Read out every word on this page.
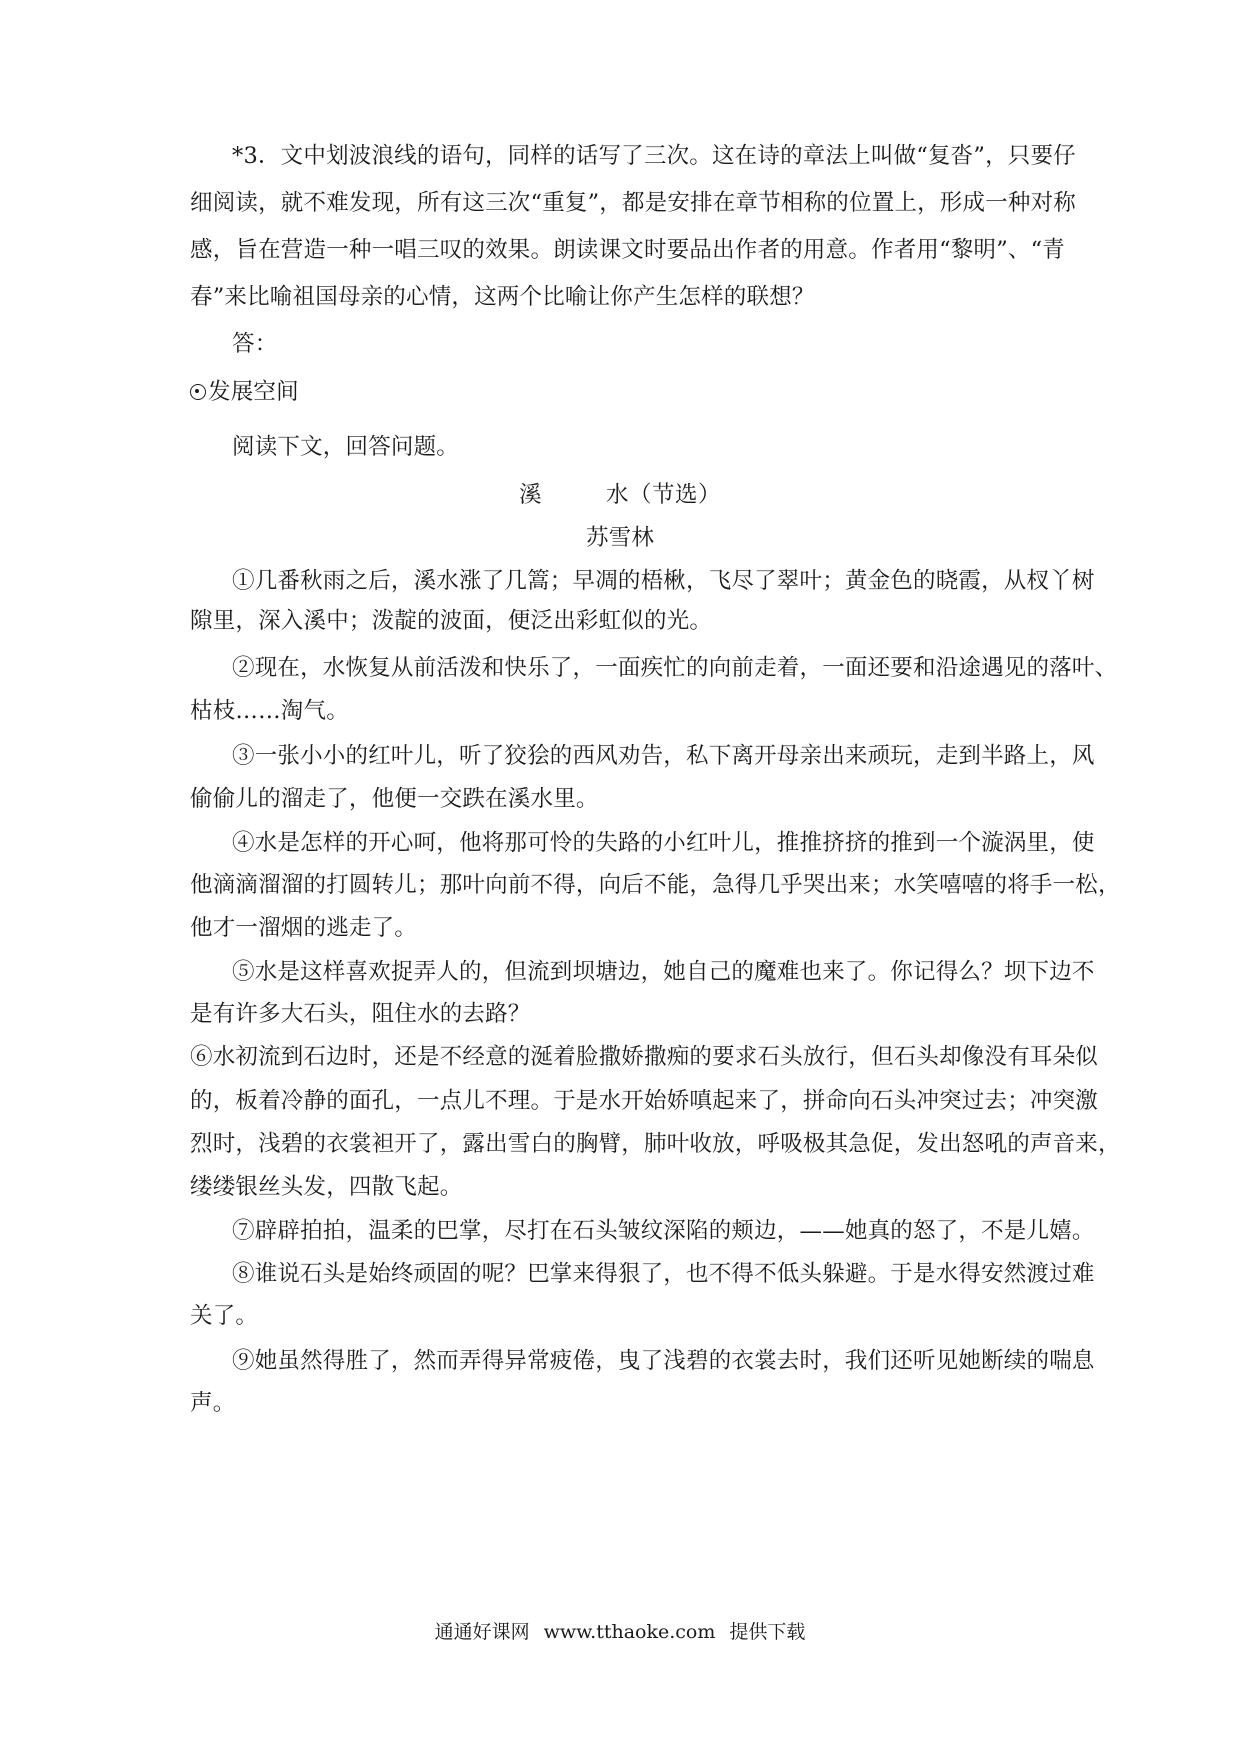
*3．文中划波浪线的语句，同样的话写了三次。这在诗的章法上叫做“复沓”，只要仔
细阅读，就不难发现，所有这三次“重复”，都是安排在章节相称的位置上，形成一种对称
感，旨在营造一种一唱三叹的效果。朗读课文时要品出作者的用意。作者用“黎明”、“青
春”来比喻祖国母亲的心情，这两个比喻让你产生怎样的联想？
答：
发展空间
阅读下文，回答问题。
溪	水（节选）
苏雪林
①几番秋雨之后，溪水涨了几篙；早凋的梧楸，飞尽了翠叶；黄金色的晓霞，从杈丫树
隙里，深入溪中；泼靛的波面，便泛出彩虹似的光。
②现在，水恢复从前活泼和快乐了，一面疾忙的向前走着，一面还要和沿途遇见的落叶、
枯枝……淘气。
③一张小小的红叶儿，听了狡狯的西风劝告，私下离开母亲出来顽玩，走到半路上，风
偷偷儿的溜走了，他便一交跌在溪水里。
④水是怎样的开心呵，他将那可怜的失路的小红叶儿，推推挤挤的推到一个漩涡里，使
他滴滴溜溜的打圆转儿；那叶向前不得，向后不能，急得几乎哭出来；水笑嘻嘻的将手一松，
他才一溜烟的逃走了。
⑤水是这样喜欢捉弄人的，但流到坝塘边，她自己的魔难也来了。你记得么？坝下边不
是有许多大石头，阻住水的去路？
⑥水初流到石边时，还是不经意的涎着脸撒娇撒痴的要求石头放行，但石头却像没有耳朵似
的，板着冷静的面孔，一点儿不理。于是水开始娇嗔起来了，拼命向石头冲突过去；冲突激
烈时，浅碧的衣裳袒开了，露出雪白的胸臂，肺叶收放，呼吸极其急促，发出怒吼的声音来，
缕缕银丝头发，四散飞起。
⑦辟辟拍拍，温柔的巴掌，尽打在石头皱纹深陷的颊边，——她真的怒了，不是儿嬉。
⑧谁说石头是始终顽固的呢？巴掌来得狠了，也不得不低头躲避。于是水得安然渡过难
关了。
⑨她虽然得胜了，然而弄得异常疲倦，曳了浅碧的衣裳去时，我们还听见她断续的喘息
声。
通通好课网 www.tthaoke.com 提供下载
